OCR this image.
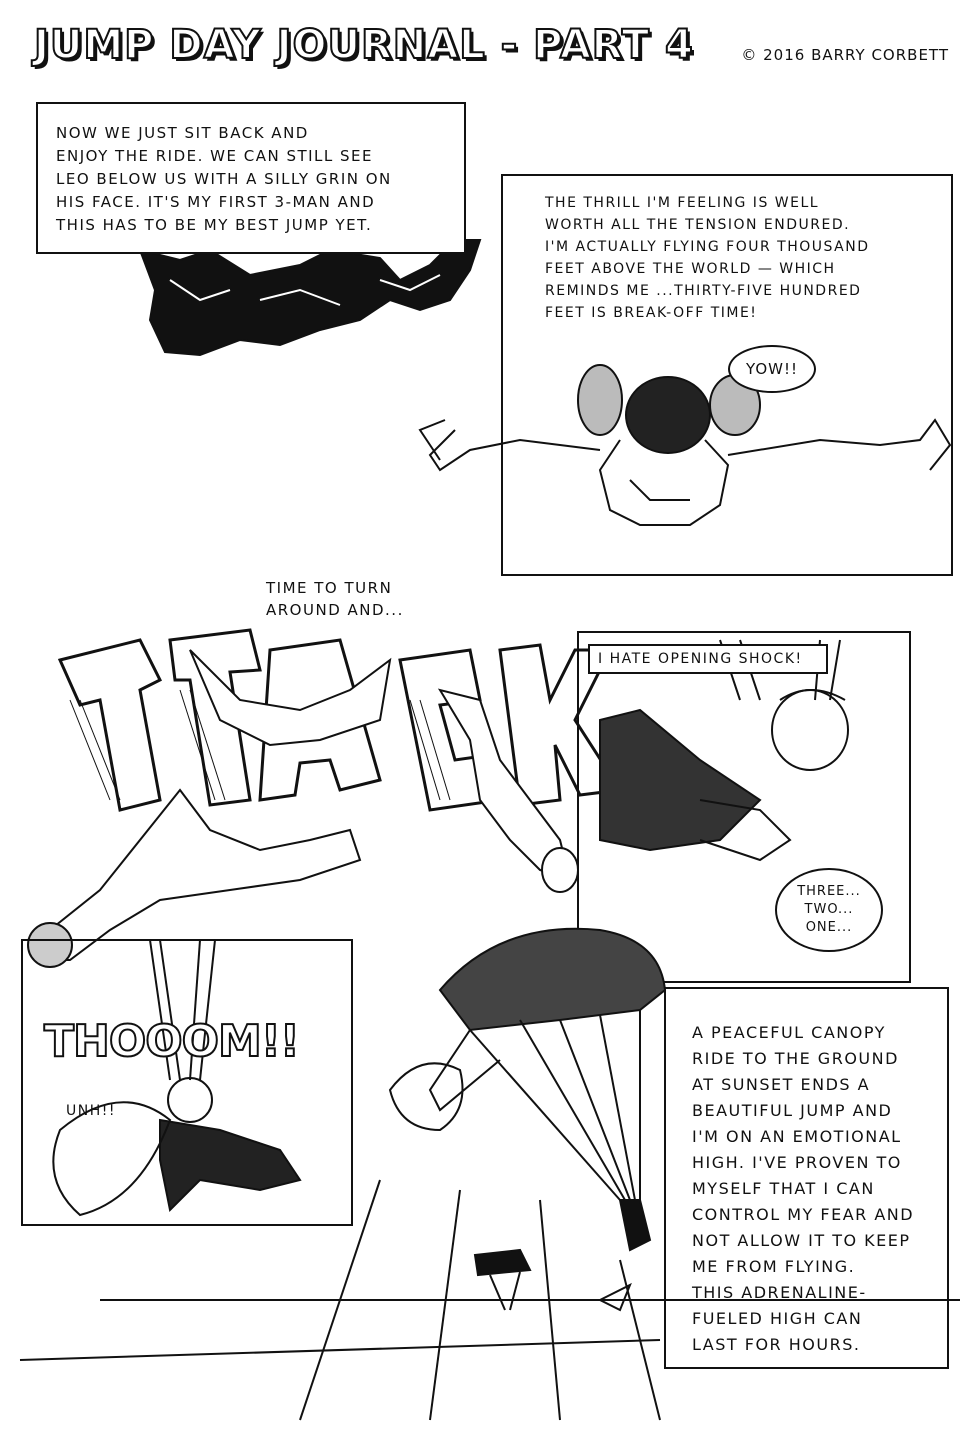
JUMP DAY JOURNAL - PART 4	© 2016 BARRY CORBETT
NOW WE JUST SIT BACK AND
ENJOY THE RIDE. WE CAN STILL SEE
LEO BELOW US WITH A SILLY GRIN ON
HIS FACE. IT'S MY FIRST 3-MAN AND
THIS HAS TO BE MY BEST JUMP YET.
THE THRILL I'M FEELING IS WELL
WORTH ALL THE TENSION ENDURED.
I'M ACTUALLY FLYING FOUR THOUSAND
FEET ABOVE THE WORLD — WHICH
REMINDS ME ...THIRTY-FIVE HUNDRED
FEET IS BREAK-OFF TIME!
YOW!!
TIME TO TURN
AROUND AND...
I HATE OPENING SHOCK!
THREE...
TWO...
ONE...
THOOOM!!
UNH!!
A PEACEFUL CANOPY
RIDE TO THE GROUND
AT SUNSET ENDS A
BEAUTIFUL JUMP AND
I'M ON AN EMOTIONAL
HIGH. I'VE PROVEN TO
MYSELF THAT I CAN
CONTROL MY FEAR AND
NOT ALLOW IT TO KEEP
ME FROM FLYING.
THIS ADRENALINE-
FUELED HIGH CAN
LAST FOR HOURS.
